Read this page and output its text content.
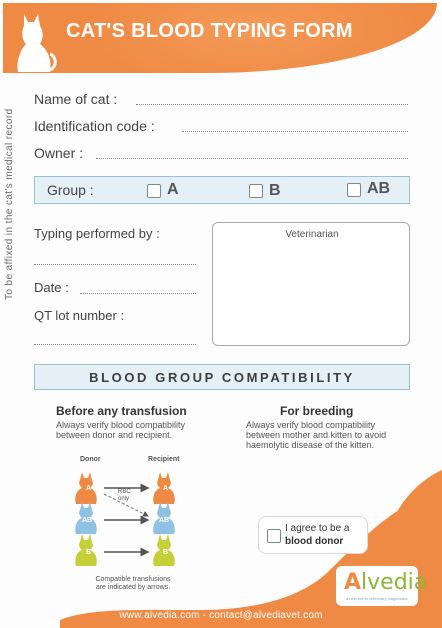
CAT'S BLOOD TYPING FORM
To be affixed in the cat's medical record
Name of cat :
Identification code :
Owner :
Group :	A	B	AB
Typing performed by :
Date :
QT lot number :
Veterinarian
BLOOD GROUP COMPATIBILITY
Before any transfusion
Always verify blood compatibility between donor and recipient.
For breeding
Always verify blood compatibility between mother and kitten to avoid haemolytic disease of the kitten.
Donor	Recipient
RBC
only
A	A
AB	AB
B	B
Compatible transfusions
are indicated by arrows.
I agree to be a
blood donor
Alvedia
a new era in veterinary diagnostics
www.alvedia.com - contact@alvediavet.com
